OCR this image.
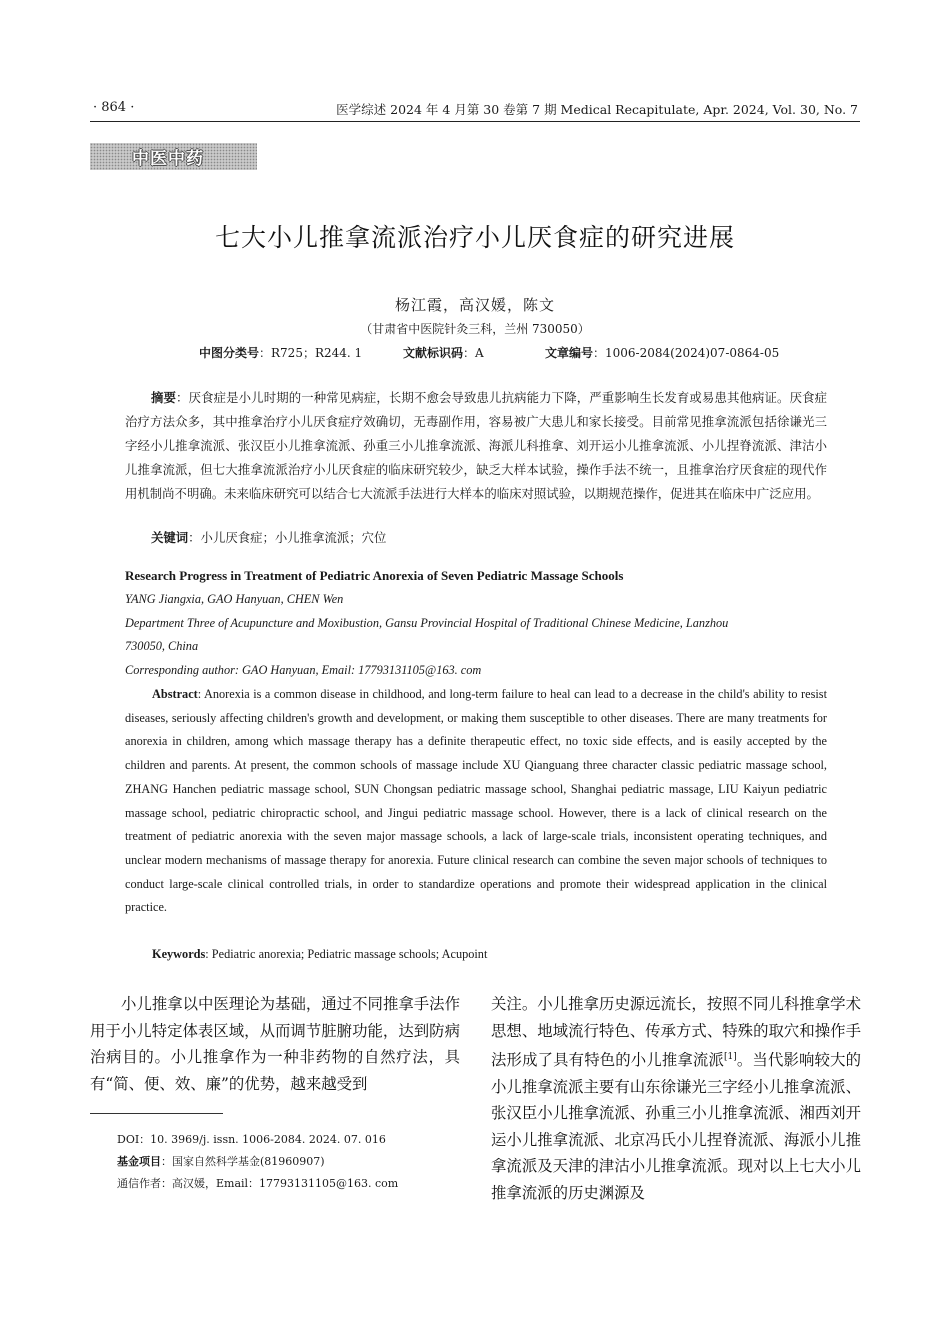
· 864 ·	医学综述 2024 年 4 月第 30 卷第 7 期 Medical Recapitulate, Apr. 2024, Vol. 30, No. 7
中医中药
七大小儿推拿流派治疗小儿厌食症的研究进展
杨江霞，高汉媛，陈文
（甘肃省中医院针灸三科，兰州 730050）
中图分类号：R725；R244. 1	文献标识码：A	文章编号：1006-2084(2024)07-0864-05
摘要：厌食症是小儿时期的一种常见病症，长期不愈会导致患儿抗病能力下降，严重影响生长发育或易患其他病证。厌食症治疗方法众多，其中推拿治疗小儿厌食症疗效确切，无毒副作用，容易被广大患儿和家长接受。目前常见推拿流派包括徐谦光三字经小儿推拿流派、张汉臣小儿推拿流派、孙重三小儿推拿流派、海派儿科推拿、刘开运小儿推拿流派、小儿捏脊流派、津沽小儿推拿流派，但七大推拿流派治疗小儿厌食症的临床研究较少，缺乏大样本试验，操作手法不统一，且推拿治疗厌食症的现代作用机制尚不明确。未来临床研究可以结合七大流派手法进行大样本的临床对照试验，以期规范操作，促进其在临床中广泛应用。
关键词：小儿厌食症；小儿推拿流派；穴位
Research Progress in Treatment of Pediatric Anorexia of Seven Pediatric Massage Schools
YANG Jiangxia, GAO Hanyuan, CHEN Wen
Department Three of Acupuncture and Moxibustion, Gansu Provincial Hospital of Traditional Chinese Medicine, Lanzhou
730050, China
Corresponding author: GAO Hanyuan, Email: 17793131105@163. com
Abstract: Anorexia is a common disease in childhood, and long-term failure to heal can lead to a decrease in the child's ability to resist diseases, seriously affecting children's growth and development, or making them susceptible to other diseases. There are many treatments for anorexia in children, among which massage therapy has a definite therapeutic effect, no toxic side effects, and is easily accepted by the children and parents. At present, the common schools of massage include XU Qianguang three character classic pediatric massage school, ZHANG Hanchen pediatric massage school, SUN Chongsan pediatric massage school, Shanghai pediatric massage, LIU Kaiyun pediatric massage school, pediatric chiropractic school, and Jingui pediatric massage school. However, there is a lack of clinical research on the treatment of pediatric anorexia with the seven major massage schools, a lack of large-scale trials, inconsistent operating techniques, and unclear modern mechanisms of massage therapy for anorexia. Future clinical research can combine the seven major schools of techniques to conduct large-scale clinical controlled trials, in order to standardize operations and promote their widespread application in the clinical practice.
Keywords: Pediatric anorexia; Pediatric massage schools; Acupoint
小儿推拿以中医理论为基础，通过不同推拿手法作用于小儿特定体表区域，从而调节脏腑功能，达到防病治病目的。小儿推拿作为一种非药物的自然疗法，具有“简、便、效、廉”的优势，越来越受到
关注。小儿推拿历史源远流长，按照不同儿科推拿学术思想、地域流行特色、传承方式、特殊的取穴和操作手法形成了具有特色的小儿推拿流派[1]。当代影响较大的小儿推拿流派主要有山东徐谦光三字经小儿推拿流派、张汉臣小儿推拿流派、孙重三小儿推拿流派、湘西刘开运小儿推拿流派、北京冯氏小儿捏脊流派、海派小儿推拿流派及天津的津沽小儿推拿流派。现对以上七大小儿推拿流派的历史渊源及
DOI：10. 3969/j. issn. 1006-2084. 2024. 07. 016
基金项目：国家自然科学基金(81960907)
通信作者：高汉媛，Email：17793131105@163. com
